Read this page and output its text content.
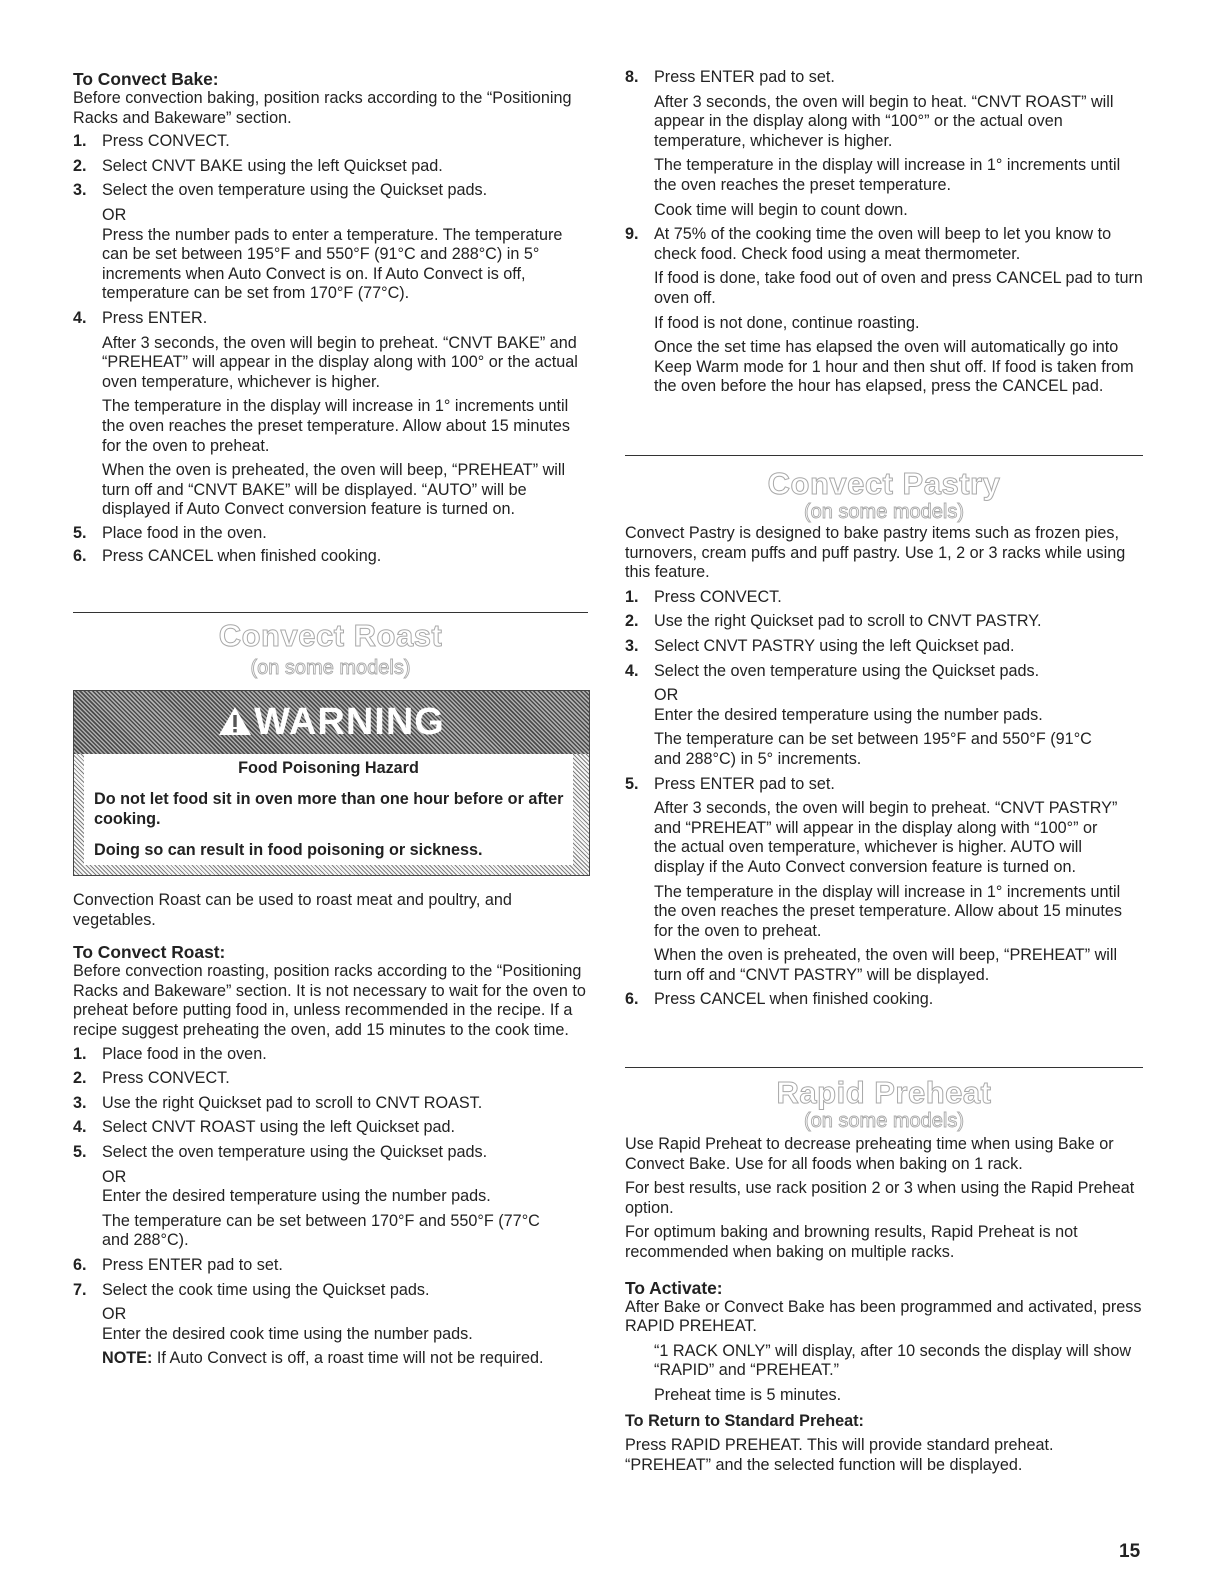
To Convect Bake:

Before convection baking, position racks according to the “Positioning Racks and Bakeware” section.

1. Press CONVECT.
2. Select CNVT BAKE using the left Quickset pad.
3. Select the oven temperature using the Quickset pads.

OR

Press the number pads to enter a temperature. The temperature can be set between 195°F and 550°F (91°C and 288°C) in 5° increments when Auto Convect is on. If Auto Convect is off, temperature can be set from 170°F (77°C).

4. Press ENTER.

After 3 seconds, the oven will begin to preheat. “CNVT BAKE” and “PREHEAT” will appear in the display along with 100° or the actual oven temperature, whichever is higher.

The temperature in the display will increase in 1° increments until the oven reaches the preset temperature. Allow about 15 minutes for the oven to preheat.

When the oven is preheated, the oven will beep, “PREHEAT” will turn off and “CNVT BAKE” will be displayed. “AUTO” will be displayed if Auto Convect conversion feature is turned on.

5. Place food in the oven.
6. Press CANCEL when finished cooking.
Convect Roast
(on some models)
WARNING

Food Poisoning Hazard

Do not let food sit in oven more than one hour before or after cooking.

Doing so can result in food poisoning or sickness.

Convection Roast can be used to roast meat and poultry, and vegetables.

To Convect Roast:

Before convection roasting, position racks according to the “Positioning Racks and Bakeware” section. It is not necessary to wait for the oven to preheat before putting food in, unless recommended in the recipe. If a recipe suggest preheating the oven, add 15 minutes to the cook time.

1. Place food in the oven.
2. Press CONVECT.
3. Use the right Quickset pad to scroll to CNVT ROAST.
4. Select CNVT ROAST using the left Quickset pad.
5. Select the oven temperature using the Quickset pads.

OR

Enter the desired temperature using the number pads.

The temperature can be set between 170°F and 550°F (77°C and 288°C).

6. Press ENTER pad to set.
7. Select the cook time using the Quickset pads.

OR

Enter the desired cook time using the number pads.

NOTE: If Auto Convect is off, a roast time will not be required.

8. Press ENTER pad to set.

After 3 seconds, the oven will begin to heat. “CNVT ROAST” will appear in the display along with “100°” or the actual oven temperature, whichever is higher.

The temperature in the display will increase in 1° increments until the oven reaches the preset temperature.

Cook time will begin to count down.

9. At 75% of the cooking time the oven will beep to let you know to check food. Check food using a meat thermometer.

If food is done, take food out of oven and press CANCEL pad to turn oven off.

If food is not done, continue roasting.

Once the set time has elapsed the oven will automatically go into Keep Warm mode for 1 hour and then shut off. If food is taken from the oven before the hour has elapsed, press the CANCEL pad.

Convect Pastry
(on some models)

Convect Pastry is designed to bake pastry items such as frozen pies, turnovers, cream puffs and puff pastry. Use 1, 2 or 3 racks while using this feature.

1. Press CONVECT.
2. Use the right Quickset pad to scroll to CNVT PASTRY.
3. Select CNVT PASTRY using the left Quickset pad.
4. Select the oven temperature using the Quickset pads.

OR

Enter the desired temperature using the number pads.

The temperature can be set between 195°F and 550°F (91°C and 288°C) in 5° increments.

5. Press ENTER pad to set.

After 3 seconds, the oven will begin to preheat. “CNVT PASTRY” and “PREHEAT” will appear in the display along with “100°” or the actual oven temperature, whichever is higher. AUTO will display if the Auto Convect conversion feature is turned on.

The temperature in the display will increase in 1° increments until the oven reaches the preset temperature. Allow about 15 minutes for the oven to preheat.

When the oven is preheated, the oven will beep, “PREHEAT” will turn off and “CNVT PASTRY” will be displayed.

6. Press CANCEL when finished cooking.
Rapid Preheat
(on some models)

Use Rapid Preheat to decrease preheating time when using Bake or Convect Bake. Use for all foods when baking on 1 rack.

For best results, use rack position 2 or 3 when using the Rapid Preheat option.

For optimum baking and browning results, Rapid Preheat is not recommended when baking on multiple racks.

To Activate:

After Bake or Convect Bake has been programmed and activated, press RAPID PREHEAT.

“1 RACK ONLY” will display, after 10 seconds the display will show “RAPID” and “PREHEAT.”

Preheat time is 5 minutes.

To Return to Standard Preheat:

Press RAPID PREHEAT. This will provide standard preheat. “PREHEAT” and the selected function will be displayed.

15
